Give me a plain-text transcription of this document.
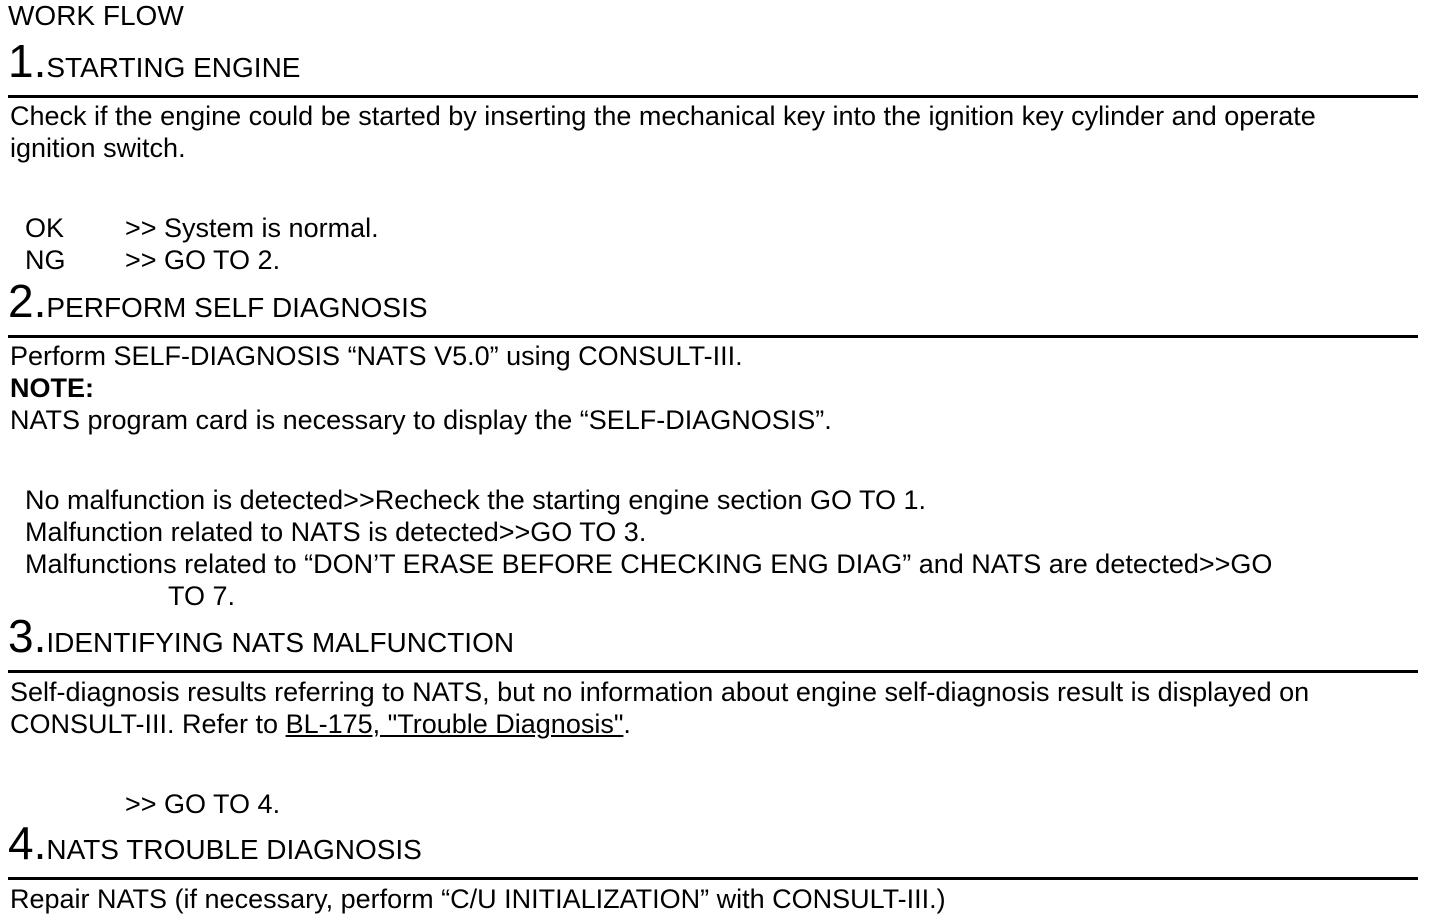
WORK FLOW
1.STARTING ENGINE
Check if the engine could be started by inserting the mechanical key into the ignition key cylinder and operate
ignition switch.
OK >> System is normal.
NG >> GO TO 2.
2.PERFORM SELF DIAGNOSIS
Perform SELF-DIAGNOSIS “NATS V5.0” using CONSULT-III.
NOTE:
NATS program card is necessary to display the “SELF-DIAGNOSIS”.
No malfunction is detected>>Recheck the starting engine section GO TO 1.
Malfunction related to NATS is detected>>GO TO 3.
Malfunctions related to “DON’T ERASE BEFORE CHECKING ENG DIAG” and NATS are detected>>GO
TO 7.
3.IDENTIFYING NATS MALFUNCTION
Self-diagnosis results referring to NATS, but no information about engine self-diagnosis result is displayed on
CONSULT-III. Refer to BL-175, "Trouble Diagnosis".
>> GO TO 4.
4.NATS TROUBLE DIAGNOSIS
Repair NATS (if necessary, perform “C/U INITIALIZATION” with CONSULT-III.)
